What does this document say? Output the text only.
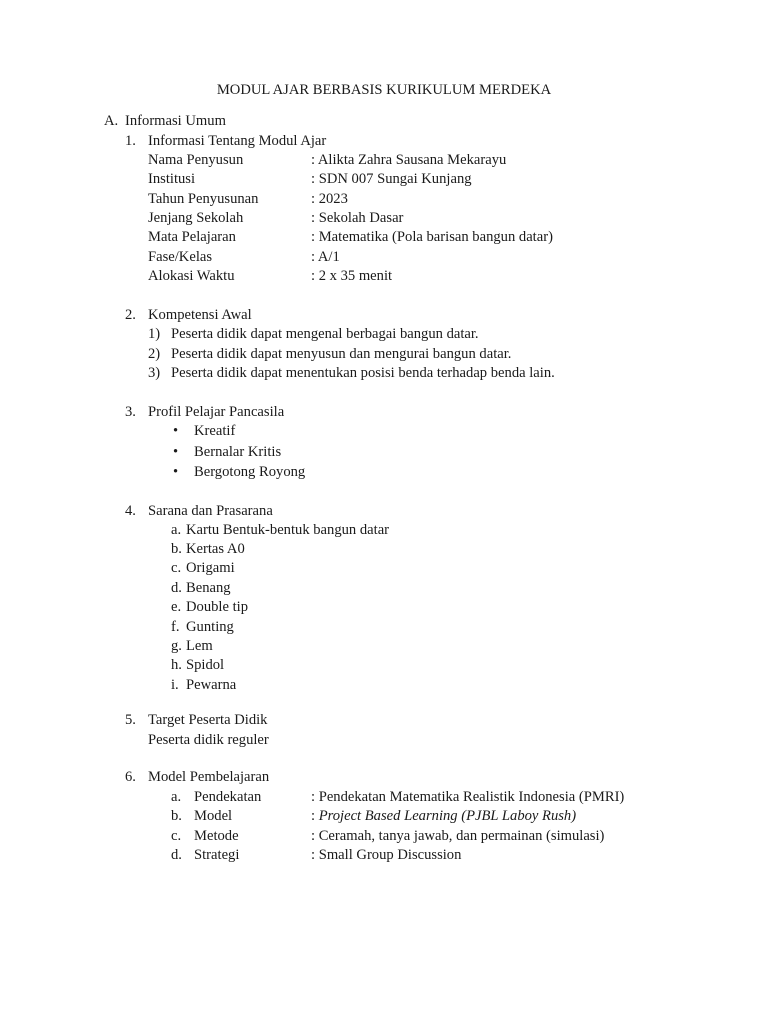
MODUL AJAR BERBASIS KURIKULUM MERDEKA
A. Informasi Umum
1. Informasi Tentang Modul Ajar
Nama Penyusun	: Alikta Zahra Sausana Mekarayu
Institusi	: SDN 007 Sungai Kunjang
Tahun Penyusunan	: 2023
Jenjang Sekolah	: Sekolah Dasar
Mata Pelajaran	: Matematika (Pola barisan bangun datar)
Fase/Kelas	: A/1
Alokasi Waktu	: 2 x 35 menit
2. Kompetensi Awal
1) Peserta didik dapat mengenal berbagai bangun datar.
2) Peserta didik dapat menyusun dan mengurai bangun datar.
3) Peserta didik dapat menentukan posisi benda terhadap benda lain.
3. Profil Pelajar Pancasila
• Kreatif
• Bernalar Kritis
• Bergotong Royong
4. Sarana dan Prasarana
a. Kartu Bentuk-bentuk bangun datar
b. Kertas A0
c. Origami
d. Benang
e. Double tip
f. Gunting
g. Lem
h. Spidol
i. Pewarna
5. Target Peserta Didik
Peserta didik reguler
6. Model Pembelajaran
a. Pendekatan	: Pendekatan Matematika Realistik Indonesia (PMRI)
b. Model	: Project Based Learning (PJBL Laboy Rush)
c. Metode	: Ceramah, tanya jawab, dan permainan (simulasi)
d. Strategi	: Small Group Discussion
